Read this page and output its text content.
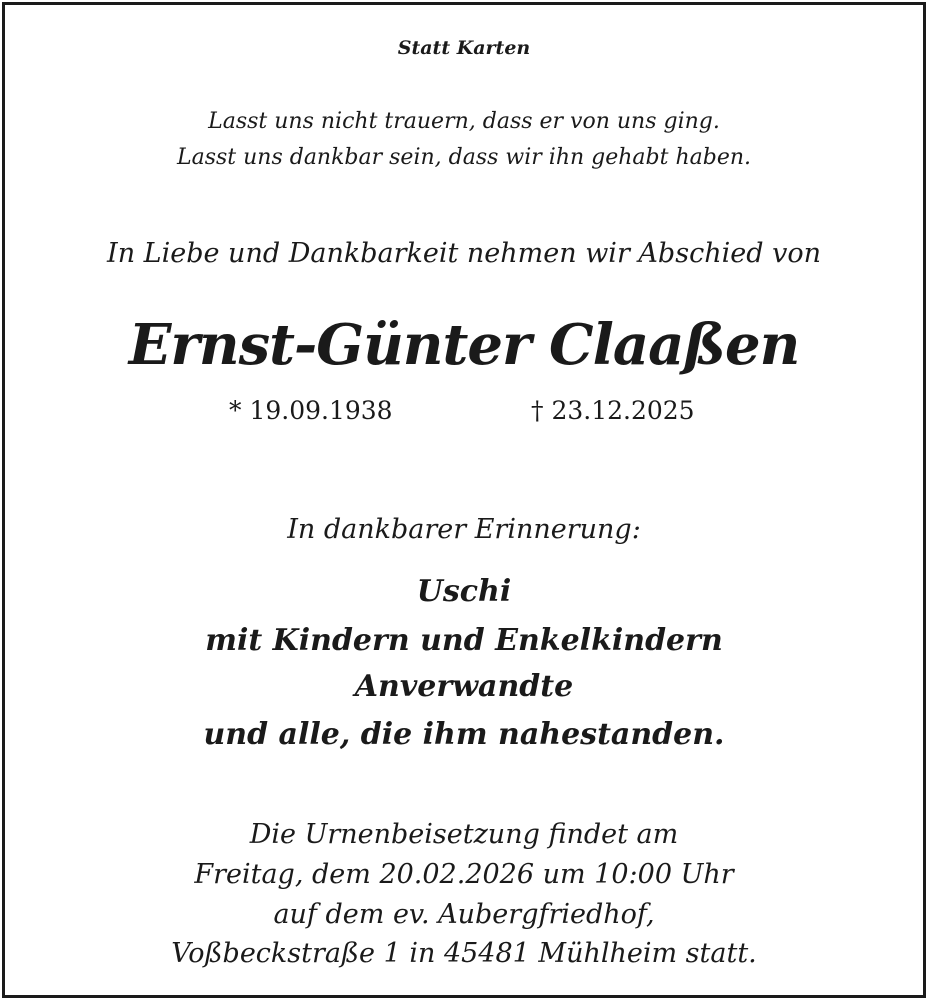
Statt Karten
Lasst uns nicht trauern, dass er von uns ging.
Lasst uns dankbar sein, dass wir ihn gehabt haben.
In Liebe und Dankbarkeit nehmen wir Abschied von
Ernst-Günter Claaßen
* 19.09.1938	† 23.12.2025
In dankbarer Erinnerung:
Uschi
mit Kindern und Enkelkindern
Anverwandte
und alle, die ihm nahestanden.
Die Urnenbeisetzung findet am
Freitag, dem 20.02.2026 um 10:00 Uhr
auf dem ev. Aubergfriedhof,
Voßbeckstraße 1 in 45481 Mühlheim statt.
